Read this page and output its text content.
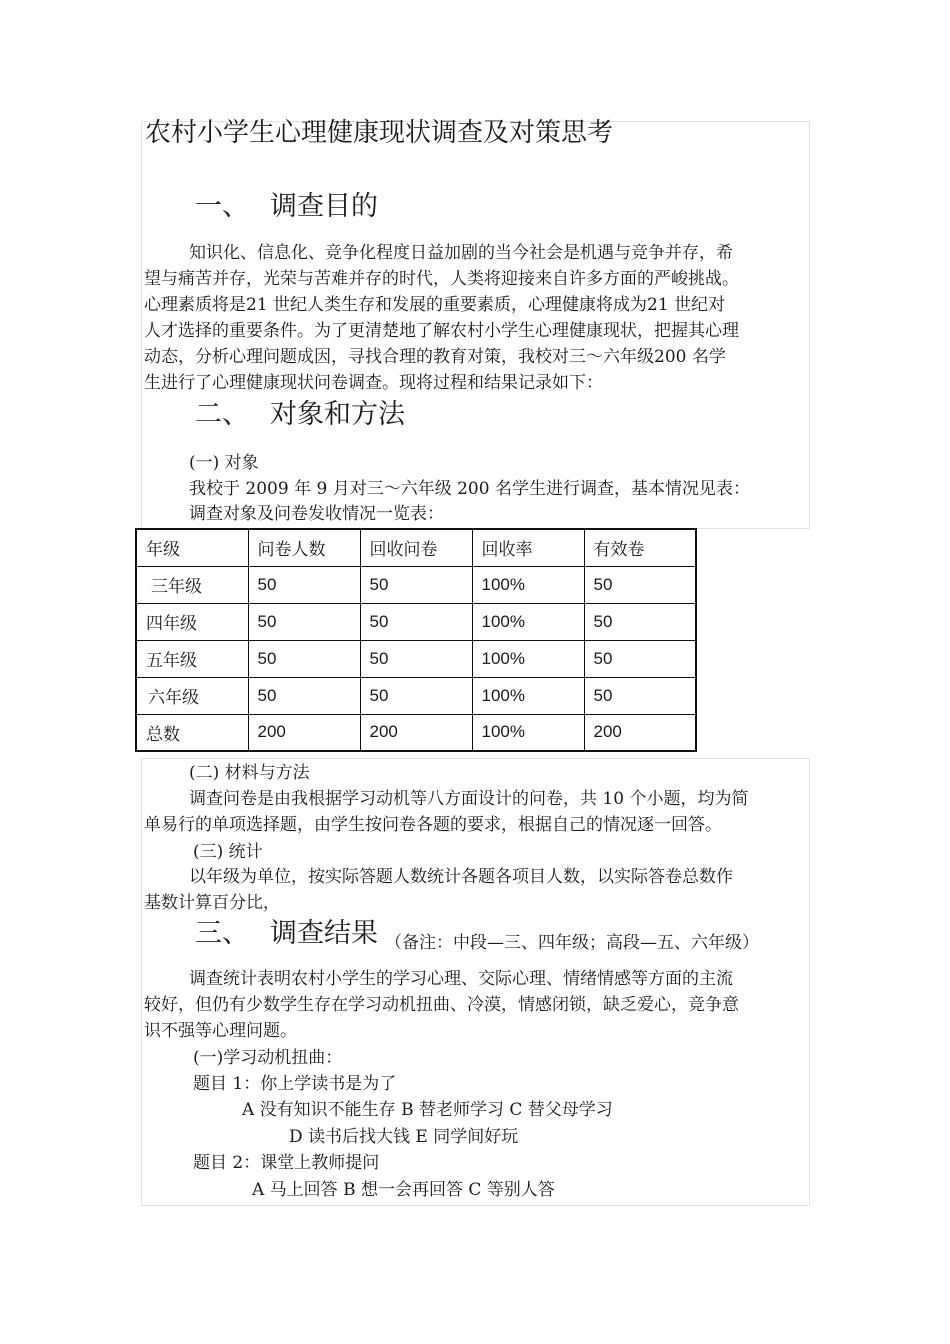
农村小学生心理健康现状调查及对策思考
一、 调查目的
知识化、信息化、竞争化程度日益加剧的当今社会是机遇与竞争并存，希
望与痛苦并存，光荣与苦难并存的时代，人类将迎接来自许多方面的严峻挑战。
心理素质将是21 世纪人类生存和发展的重要素质，心理健康将成为21 世纪对
人才选择的重要条件。为了更清楚地了解农村小学生心理健康现状，把握其心理
动态，分析心理问题成因，寻找合理的教育对策，我校对三～六年级200 名学
生进行了心理健康现状问卷调查。现将过程和结果记录如下：
二、 对象和方法
(一) 对象
我校于 2009 年 9 月对三～六年级 200 名学生进行调查，基本情况见表：
调查对象及问卷发收情况一览表：
年级	问卷人数	回收问卷	回收率	有效卷
三年级	50	50	100%	50
四年级	50	50	100%	50
五年级	50	50	100%	50
六年级	50	50	100%	50
总数	200	200	100%	200
(二) 材料与方法
调查问卷是由我根据学习动机等八方面设计的问卷，共 10 个小题，均为简
单易行的单项选择题，由学生按问卷各题的要求，根据自己的情况逐一回答。
(三) 统计
以年级为单位，按实际答题人数统计各题各项目人数，以实际答卷总数作
基数计算百分比，
三、 调查结果 （备注：中段—三、四年级；高段—五、六年级）
调查统计表明农村小学生的学习心理、交际心理、情绪情感等方面的主流
较好，但仍有少数学生存在学习动机扭曲、冷漠，情感闭锁，缺乏爱心，竞争意
识不强等心理问题。
(一)学习动机扭曲：
题目 1：你上学读书是为了
A 没有知识不能生存 B 替老师学习 C 替父母学习
D 读书后找大钱 E 同学间好玩
题目 2：课堂上教师提问
A 马上回答 B 想一会再回答 C 等别人答
